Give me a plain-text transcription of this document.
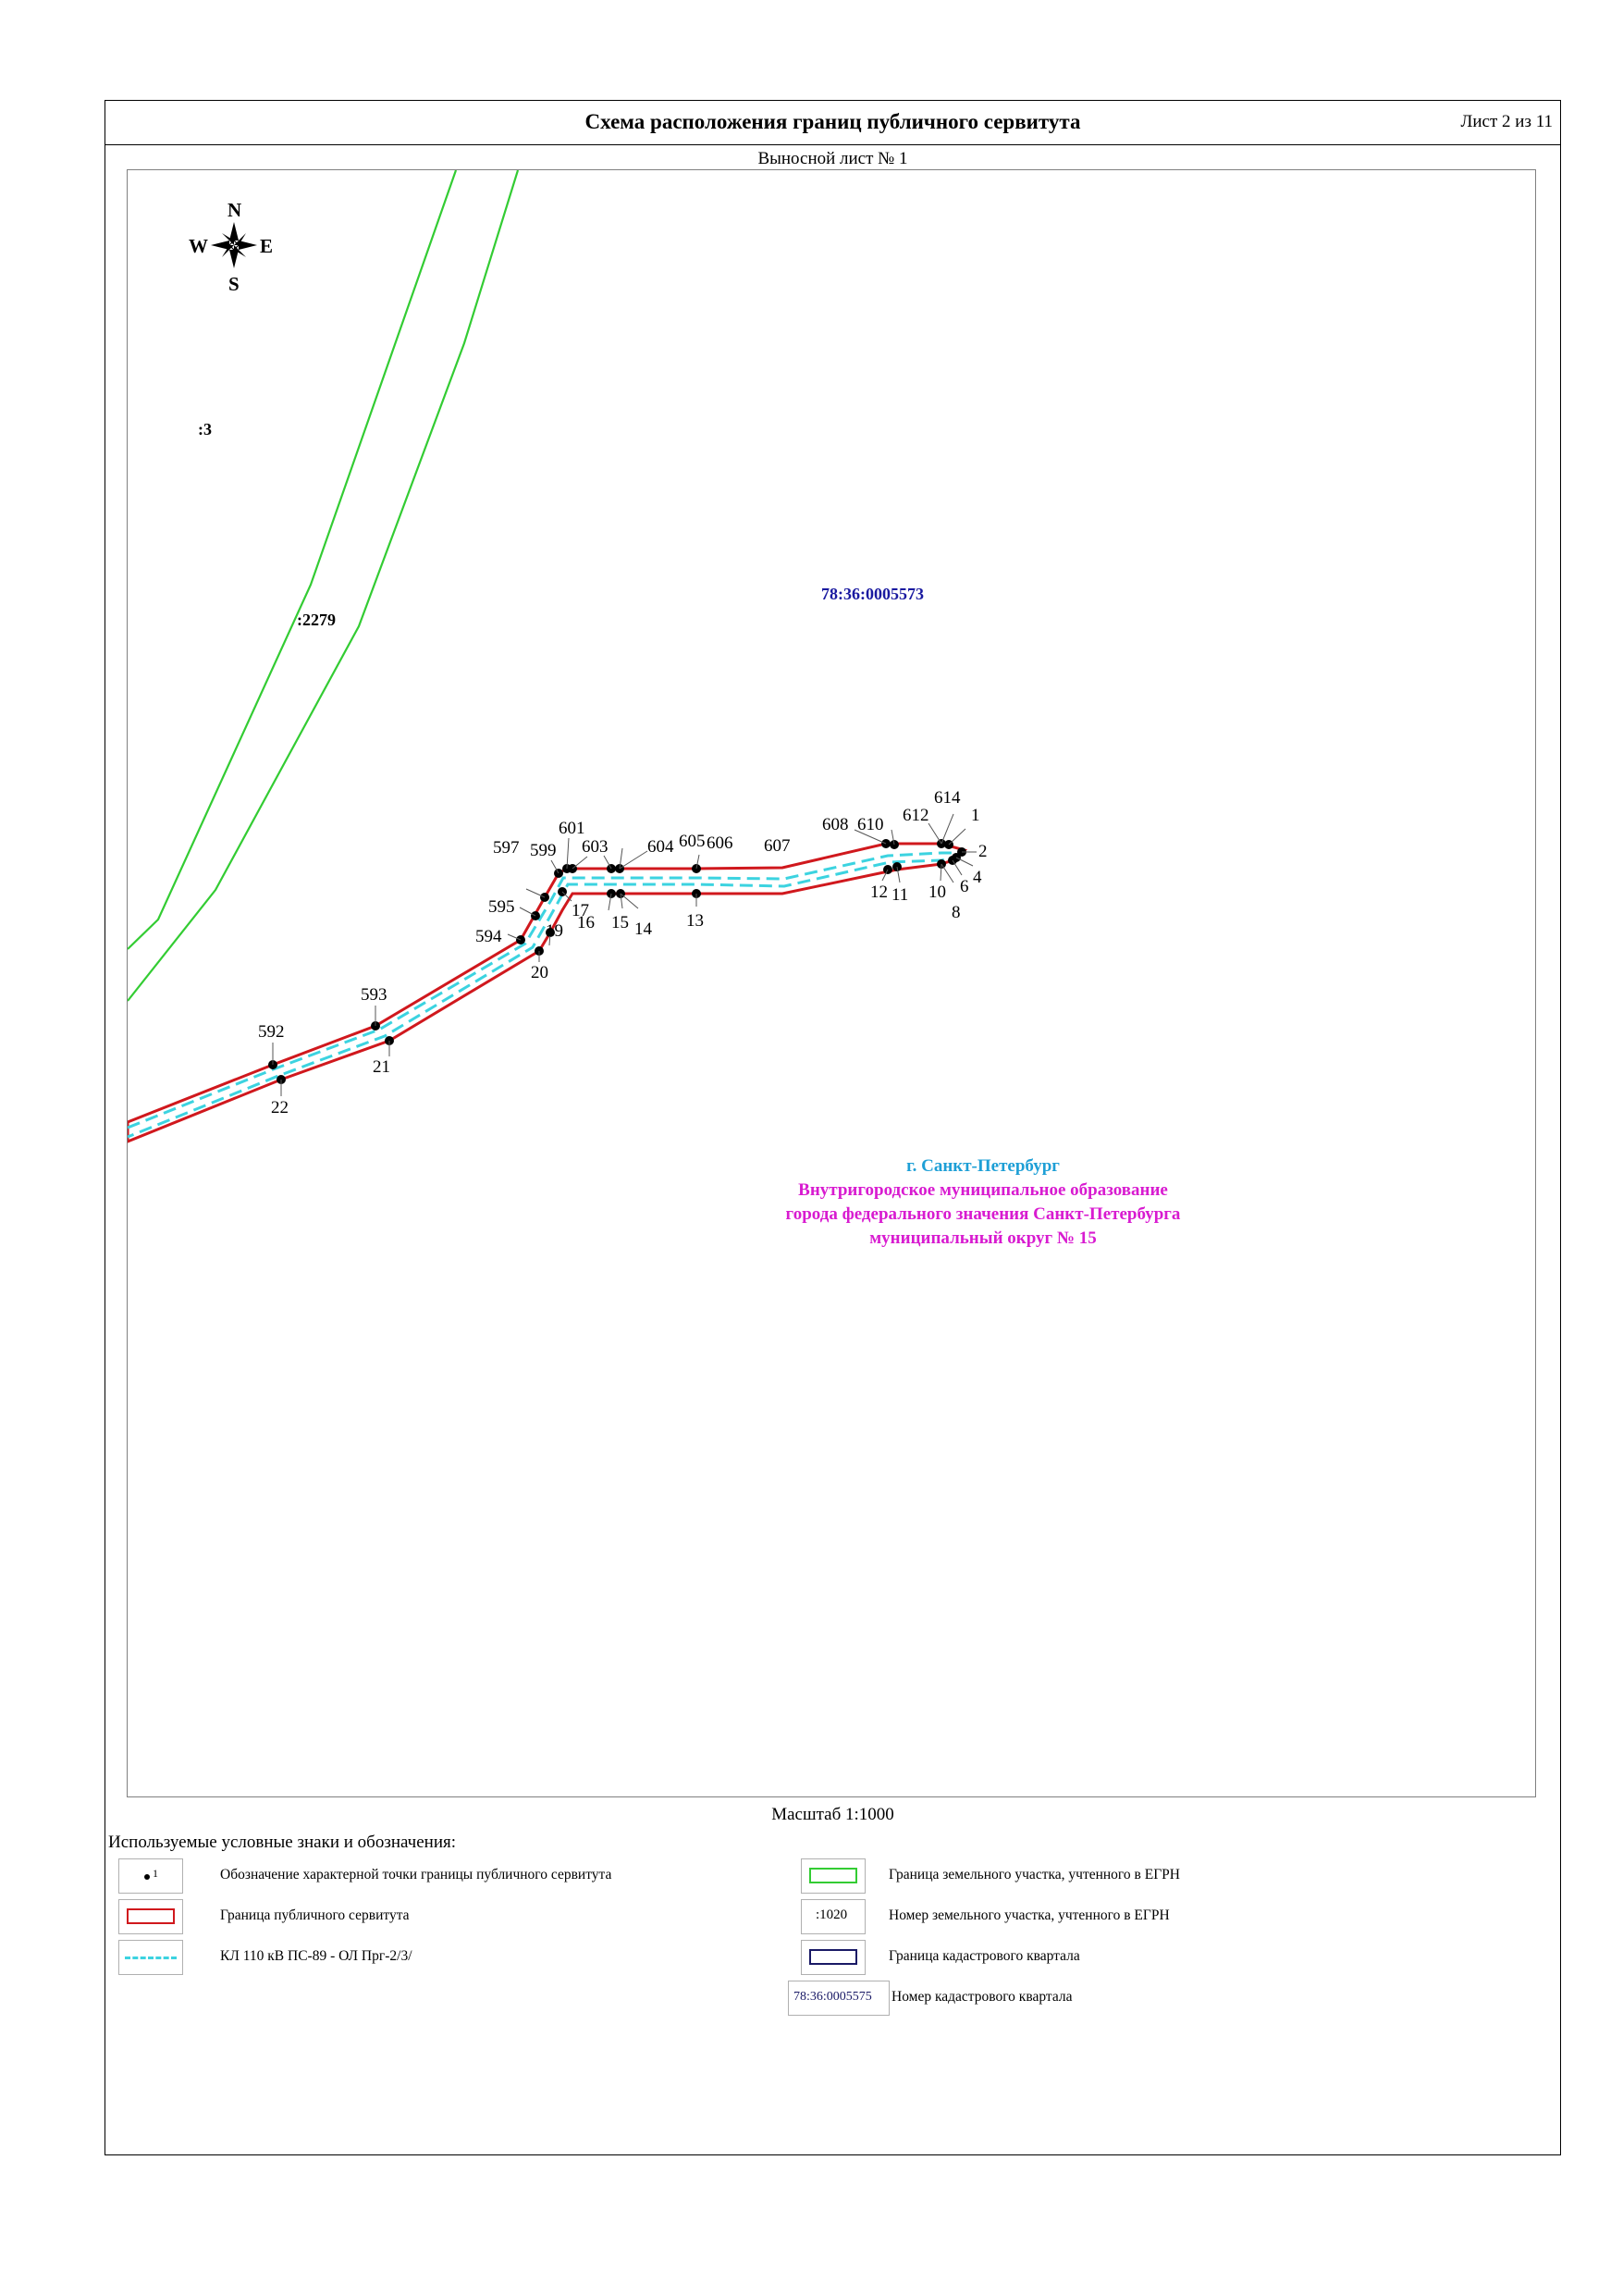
Схема расположения границ публичного сервитута	Лист 2 из 11
Выносной лист № 1
N
S
W	E
:3
:2279
78:36:0005573
г. Санкт-Петербург
Внутригородское муниципальное образование
города федерального значения Санкт-Петербурга
муниципальный округ № 15
1
2
4
6
8
10
11
12
13
14
15
16
17
19
20
21
22
592
593
594
595
597 599
601
603 604 605 606 607
608 610 612
614
Масштаб 1:1000
Используемые условные знаки и обозначения:
1	Обозначение характерной точки границы публичного сервитута
Граница публичного сервитута
КЛ 110 кВ ПС-89 - ОЛ Прг-2/3/
Граница земельного участка, учтенного в ЕГРН
:1020	Номер земельного участка, учтенного в ЕГРН
Граница кадастрового квартала
78:36:0005575 Номер кадастрового квартала
